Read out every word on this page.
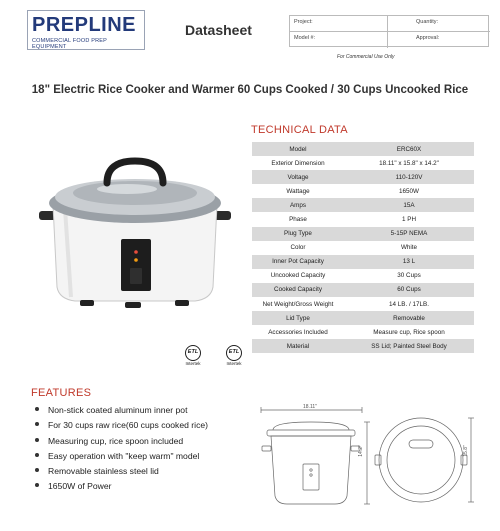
PREPLINE
COMMERCIAL FOOD PREP EQUIPMENT
Datasheet	Project:	Quantity:
Model #:	Approval:
For Commercial Use Only
18" Electric Rice Cooker and Warmer 60 Cups Cooked / 30 Cups Uncooked Rice
ETL
Intertek
ETL
Intertek
TECHNICAL DATA
Model	ERC60X
Exterior Dimension	18.11" x 15.8" x 14.2"
Voltage	110-120V
Wattage	1650W
Amps	15A
Phase	1 PH
Plug Type	5-15P NEMA
Color	White
Inner Pot Capacity	13 L
Uncooked Capacity	30 Cups
Cooked Capacity	60 Cups
Net Weight/Gross Weight	14 LB. / 17LB.
Lid Type	Removable
Accessories Included	Measure cup, Rice spoon
Material	SS Lid; Painted Steel Body
FEATURES
Non-stick coated aluminum inner pot
For 30 cups raw rice(60 cups cooked rice)
Measuring cup, rice spoon included
Easy operation with "keep warm" model
Removable stainless steel lid
1650W of Power
18.11"
14.2"	15.8"
